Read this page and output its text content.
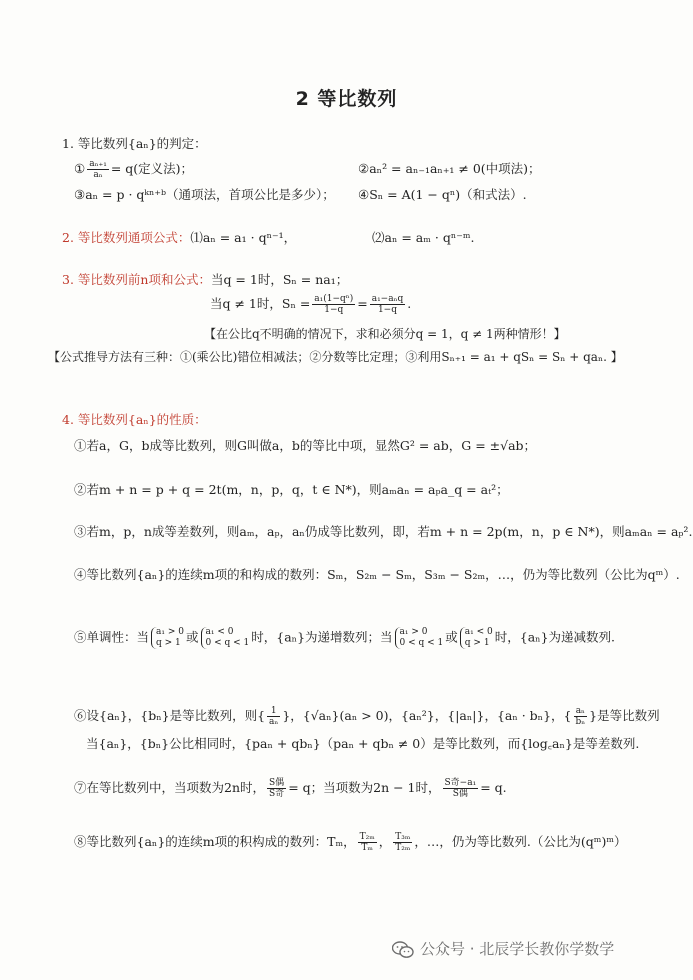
2 等比数列
1. 等比数列{aₙ}的判定：
① $\frac{\text{aₙ₊₁}}{\text{aₙ}} = q$(定义法)；	②aₙ² = aₙ₋₁aₙ₊₁ ≠ 0(中项法)；
③aₙ = p · qᵏⁿ⁺ᵇ（通项法，首项公比是多少）； ④Sₙ = A(1 − qⁿ)（和式法）.
2. 等比数列通项公式：⑴aₙ = a₁ · qⁿ⁻¹，	⑵aₙ = aₘ · qⁿ⁻ᵐ.
3. 等比数列前n项和公式：当q = 1时，Sₙ = na₁；
当q ≠ 1时，$S_n = \frac{\text{a₁(1−qⁿ)}}{1-q} = \frac{\text{a₁−aₙq}}{1-q}$ .
【在公比q不明确的情况下，求和必须分q = 1，q ≠ 1两种情形！】
【公式推导方法有三种：①(乘公比)错位相减法；②分数等比定理；③利用Sₙ₊₁ = a₁ + qSₙ = Sₙ + qaₙ. 】
4. 等比数列{aₙ}的性质：
①若a，G，b成等比数列，则G叫做a，b的等比中项，显然G² = ab，G = ±√ab；
②若m + n = p + q = 2t(m，n，p，q，t ∈ N*)，则aₘaₙ = aₚa_q = aₜ²；
③若m，p，n成等差数列，则aₘ，aₚ，aₙ仍成等比数列，即，若m + n = 2p(m，n，p ∈ N*)，则aₘaₙ = aₚ².
④等比数列{aₙ}的连续m项的和构成的数列：Sₘ，S₂ₘ − Sₘ，S₃ₘ − S₂ₘ，…，仍为等比数列（公比为qᵐ）.
⑤单调性：当 a₁ > 0
q > 1 或 a₁ < 0
0 < q < 1 时，{aₙ}为递增数列；当 a₁ > 0
0 < q < 1 或 a₁ < 0
q > 1 时，{aₙ}为递减数列.
⑥设{aₙ}，{bₙ}是等比数列，则{ $\frac{1}{\text{aₙ}}$ }，{√aₙ}(aₙ > 0)，{aₙ²}，{|aₙ|}，{aₙ · bₙ}，{ $\frac{\text{aₙ}}{\text{bₙ}}$ }是等比数列
当{aₙ}，{bₙ}公比相同时，{paₙ + qbₙ}（paₙ + qbₙ ≠ 0）是等比数列，而{log꜀aₙ}是等差数列.
⑦在等比数列中，当项数为2n时， $\frac{\text{S偶}}{\text{S奇}} = q$；当项数为2n − 1时， $\frac{\text{S奇−a₁}}{\text{S偶}} = q$.
⑧等比数列{aₙ}的连续m项的积构成的数列：Tₘ， $\frac{\text{T₂ₘ}}{\text{Tₘ}}$ ， $\frac{\text{T₃ₘ}}{\text{T₂ₘ}}$ ，…，仍为等比数列.（公比为(qᵐ)ᵐ）
公众号 · 北辰学长教你学数学
